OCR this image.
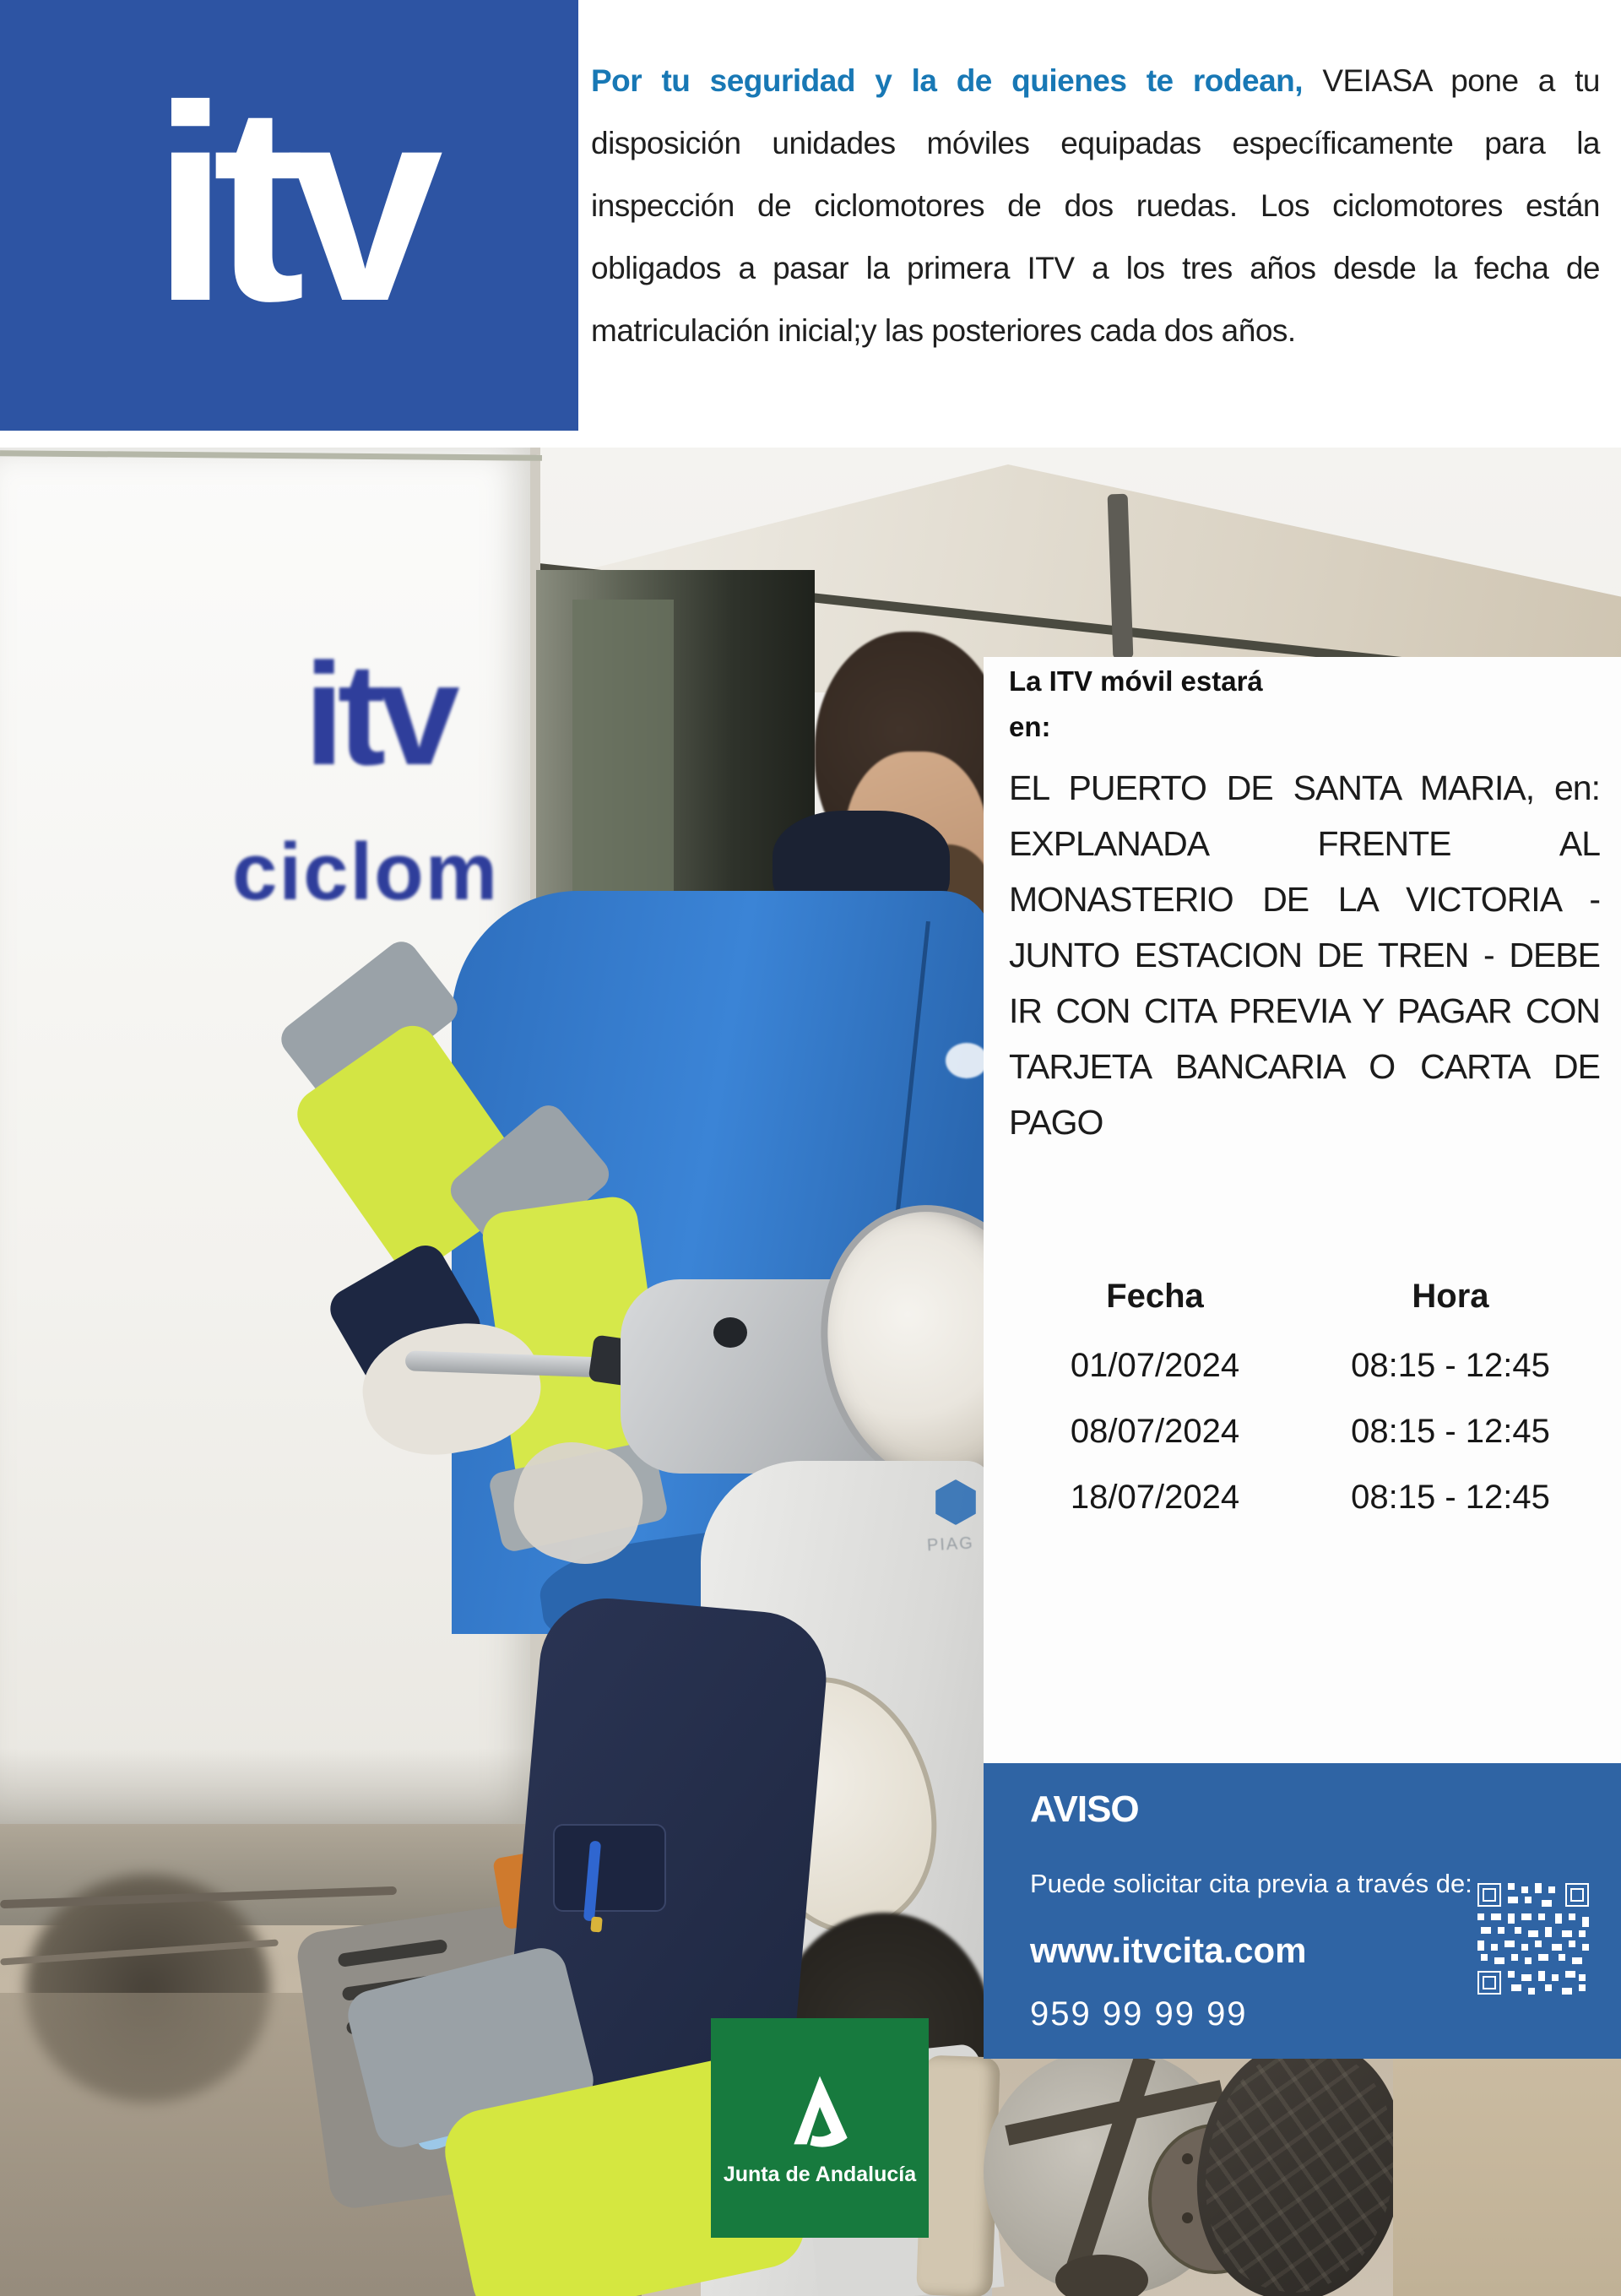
itv	Por tu seguridad y la de quienes te rodean, VEIASA pone a tu disposición unidades móviles equipadas específicamente para la inspección de ciclomotores de dos ruedas. Los ciclomotores están obligados a pasar la primera ITV a los tres años desde la fecha de matriculación inicial;y las posteriores cada dos años.

itv
ciclom
PIAG
La ITV móvil estará
en:
EL PUERTO DE SANTA MARIA, en: EXPLANADA FRENTE AL MONASTERIO DE LA VICTORIA - JUNTO ESTACION DE TREN - DEBE IR CON CITA PREVIA Y PAGAR CON TARJETA BANCARIA O CARTA DE PAGO
Fecha	Hora
01/07/2024	08:15 - 12:45
08/07/2024	08:15 - 12:45
18/07/2024	08:15 - 12:45
AVISO
Puede solicitar cita previa a través de:
www.itvcita.com
959 99 99 99
Junta de Andalucía
